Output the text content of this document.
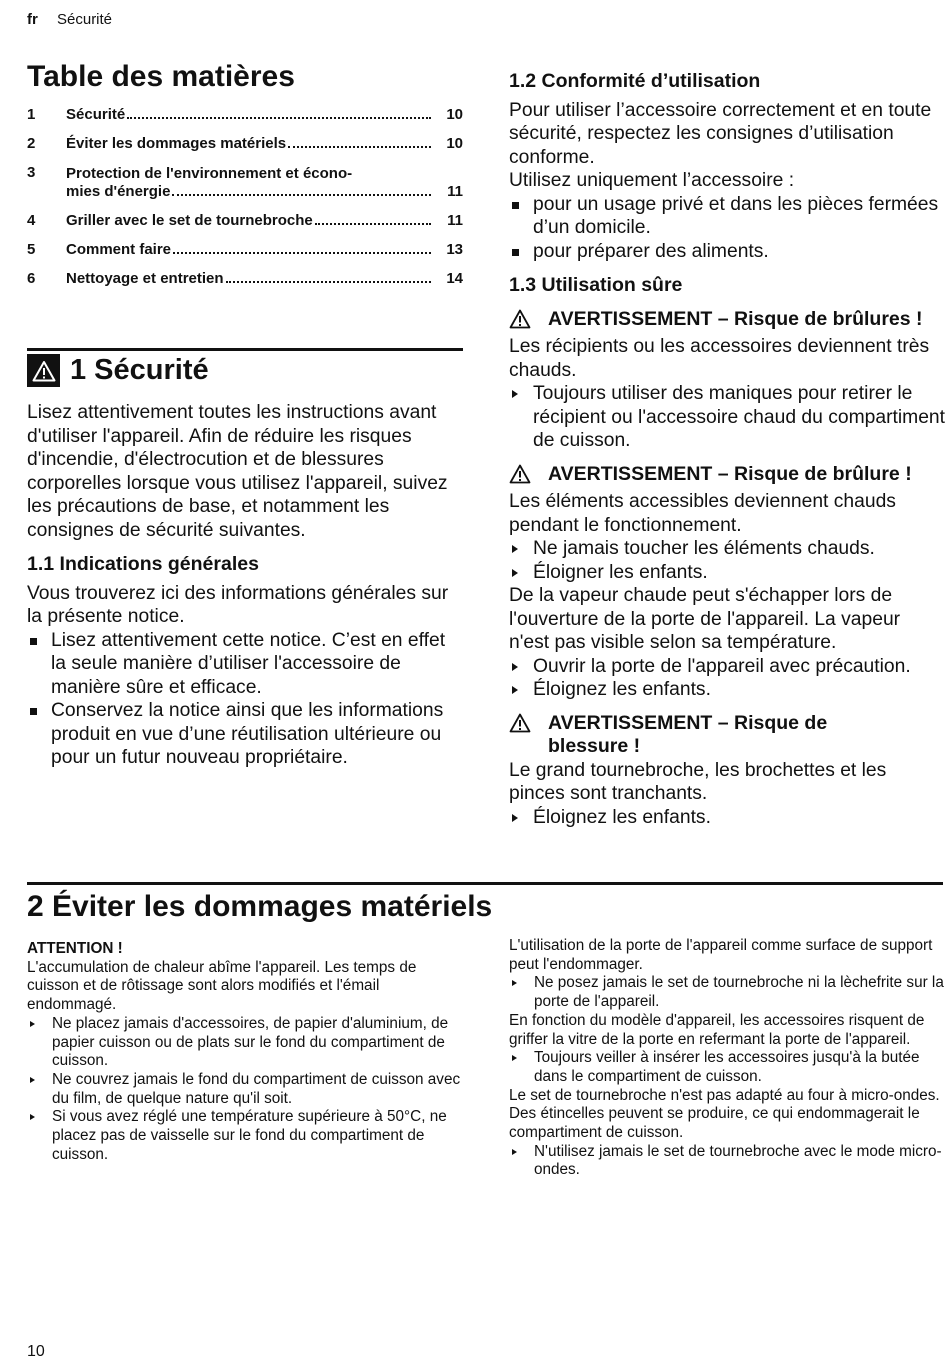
fr Sécurité
Table des matières
1	Sécurité	10
2	Éviter les dommages matériels	10
3	Protection de l'environnement et écono-
mies d'énergie	11
4	Griller avec le set de tournebroche	11
5	Comment faire	13
6	Nettoyage et entretien	14
1 Sécurité

Lisez attentivement toutes les instructions avant d'utiliser l'appareil. Afin de réduire les risques d'incendie, d'électrocution et de blessures corporelles lorsque vous utilisez l'appareil, suivez les précautions de base, et notamment les consignes de sécurité suivantes.

1.1 Indications générales

Vous trouverez ici des informations générales sur la présente notice.

Lisez attentivement cette notice. C’est en effet la seule manière d’utiliser l'accessoire de manière sûre et efficace.
Conservez la notice ainsi que les informations produit en vue d’une réutilisation ultérieure ou pour un futur nouveau propriétaire.
1.2 Conformité d’utilisation

Pour utiliser l’accessoire correctement et en toute sécurité, respectez les consignes d’utilisation conforme.

Utilisez uniquement l’accessoire :

pour un usage privé et dans les pièces fermées d’un domicile.
pour préparer des aliments.
1.3 Utilisation sûre
AVERTISSEMENT – Risque de brûlures !

Les récipients ou les accessoires deviennent très chauds.

Toujours utiliser des maniques pour retirer le récipient ou l'accessoire chaud du compartiment de cuisson.
AVERTISSEMENT – Risque de brûlure !

Les éléments accessibles deviennent chauds pendant le fonctionnement.

Ne jamais toucher les éléments chauds.
Éloigner les enfants.

De la vapeur chaude peut s'échapper lors de l'ouverture de la porte de l'appareil. La vapeur n'est pas visible selon sa température.

Ouvrir la porte de l'appareil avec précaution.
Éloignez les enfants.
AVERTISSEMENT – Risque de blessure !

Le grand tournebroche, les brochettes et les pinces sont tranchants.

Éloignez les enfants.
2 Éviter les dommages matériels
ATTENTION !

L'accumulation de chaleur abîme l'appareil. Les temps de cuisson et de rôtissage sont alors modifiés et l'émail endommagé.

Ne placez jamais d'accessoires, de papier d'aluminium, de papier cuisson ou de plats sur le fond du compartiment de cuisson.
Ne couvrez jamais le fond du compartiment de cuisson avec du film, de quelque nature qu'il soit.
Si vous avez réglé une température supérieure à 50°C, ne placez pas de vaisselle sur le fond du compartiment de cuisson.

L'utilisation de la porte de l'appareil comme surface de support peut l'endommager.

Ne posez jamais le set de tournebroche ni la lèchefrite sur la porte de l'appareil.

En fonction du modèle d'appareil, les accessoires risquent de griffer la vitre de la porte en refermant la porte de l'appareil.

Toujours veiller à insérer les accessoires jusqu'à la butée dans le compartiment de cuisson.

Le set de tournebroche n'est pas adapté au four à micro-ondes. Des étincelles peuvent se produire, ce qui endommagerait le compartiment de cuisson.

N'utilisez jamais le set de tournebroche avec le mode micro-ondes.
10
